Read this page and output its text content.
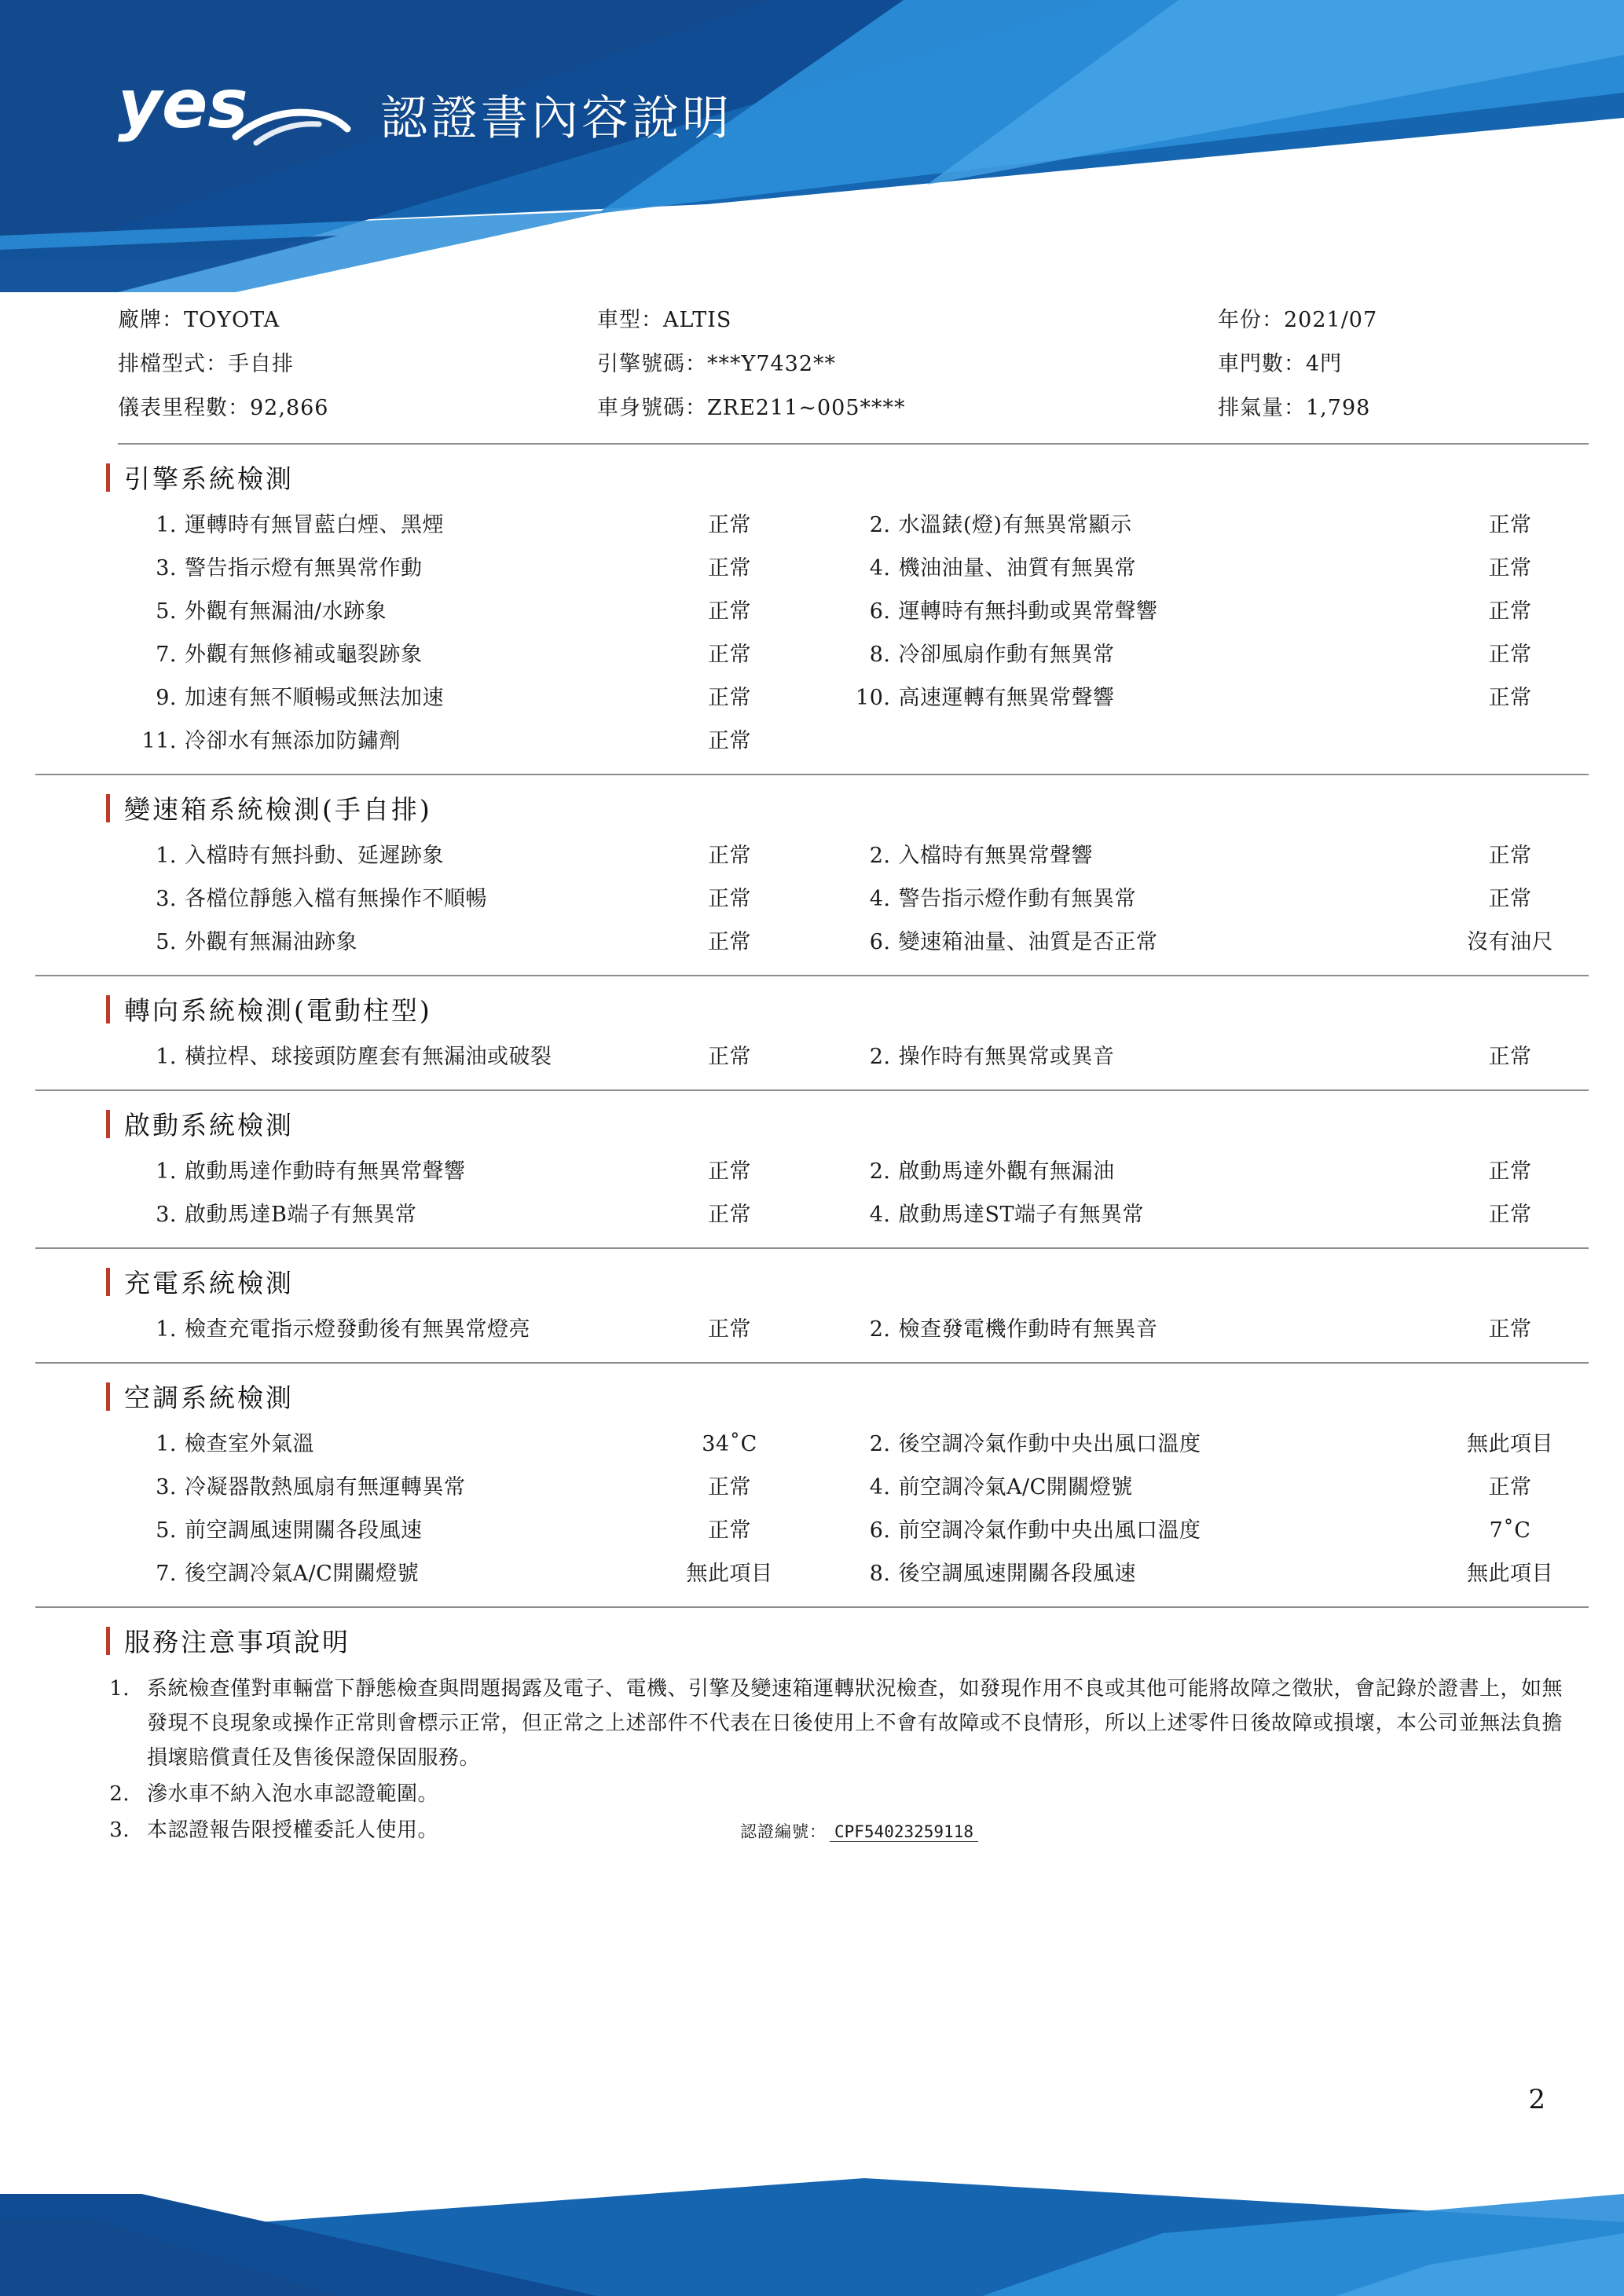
yes	認證書內容說明
廠牌：TOYOTA	車型：ALTIS	年份：2021/07
排檔型式：手自排	引擎號碼：***Y7432**	車門數：4門
儀表里程數：92,866	車身號碼：ZRE211~005****	排氣量：1,798
引擎系統檢測
1. 運轉時有無冒藍白煙、黑煙	正常	2. 水溫錶(燈)有無異常顯示	正常
3. 警告指示燈有無異常作動	正常	4. 機油油量、油質有無異常	正常
5. 外觀有無漏油/水跡象	正常	6. 運轉時有無抖動或異常聲響	正常
7. 外觀有無修補或龜裂跡象	正常	8. 冷卻風扇作動有無異常	正常
9. 加速有無不順暢或無法加速	正常	10. 高速運轉有無異常聲響	正常
11. 冷卻水有無添加防鏽劑	正常
變速箱系統檢測(手自排)
1. 入檔時有無抖動、延遲跡象	正常	2. 入檔時有無異常聲響	正常
3. 各檔位靜態入檔有無操作不順暢	正常	4. 警告指示燈作動有無異常	正常
5. 外觀有無漏油跡象	正常	6. 變速箱油量、油質是否正常	沒有油尺
轉向系統檢測(電動柱型)
1. 橫拉桿、球接頭防塵套有無漏油或破裂	正常	2. 操作時有無異常或異音	正常
啟動系統檢測
1. 啟動馬達作動時有無異常聲響	正常	2. 啟動馬達外觀有無漏油	正常
3. 啟動馬達B端子有無異常	正常	4. 啟動馬達ST端子有無異常	正常
充電系統檢測
1. 檢查充電指示燈發動後有無異常燈亮	正常	2. 檢查發電機作動時有無異音	正常
空調系統檢測
1. 檢查室外氣溫	34˚C	2. 後空調冷氣作動中央出風口溫度	無此項目
3. 冷凝器散熱風扇有無運轉異常	正常	4. 前空調冷氣A/C開關燈號	正常
5. 前空調風速開關各段風速	正常	6. 前空調冷氣作動中央出風口溫度	7˚C
7. 後空調冷氣A/C開關燈號	無此項目	8. 後空調風速開關各段風速	無此項目
服務注意事項說明
1. 系統檢查僅對車輛當下靜態檢查與問題揭露及電子、電機、引擎及變速箱運轉狀況檢查，如發現作用不良或其他可能將故障之徵狀，會記錄於證書上，如無發現不良現象或操作正常則會標示正常，但正常之上述部件不代表在日後使用上不會有故障或不良情形，所以上述零件日後故障或損壞，本公司並無法負擔損壞賠償責任及售後保證保固服務。
2. 滲水車不納入泡水車認證範圍。
3. 本認證報告限授權委託人使用。	認證編號： CPF54023259118
2
